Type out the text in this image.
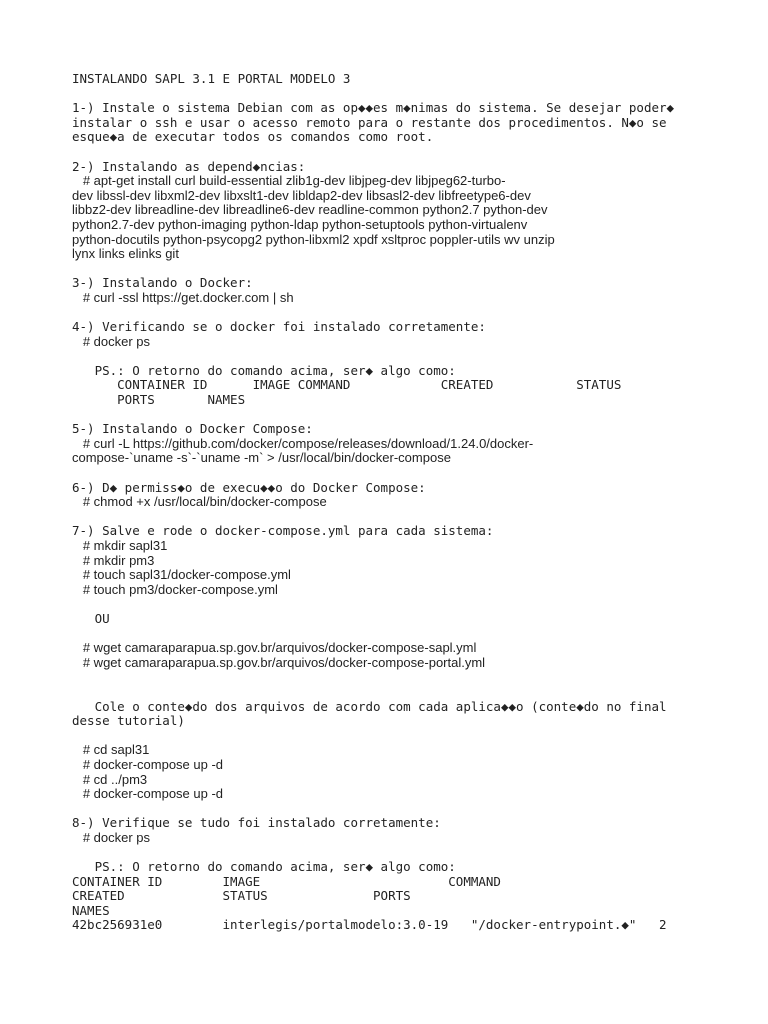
INSTALANDO SAPL 3.1 E PORTAL MODELO 3
1-) Instale o sistema Debian com as op◆◆es m◆nimas do sistema. Se desejar poder◆
instalar o ssh e usar o acesso remoto para o restante dos procedimentos. N◆o se
esque◆a de executar todos os comandos como root.
2-) Instalando as depend◆ncias:
# apt-get install curl build-essential zlib1g-dev libjpeg-dev libjpeg62-turbo-
dev libssl-dev libxml2-dev libxslt1-dev libldap2-dev libsasl2-dev libfreetype6-dev
libbz2-dev libreadline-dev libreadline6-dev readline-common python2.7 python-dev
python2.7-dev python-imaging python-ldap python-setuptools python-virtualenv
python-docutils python-psycopg2 python-libxml2 xpdf xsltproc poppler-utils wv unzip
lynx links elinks git
3-) Instalando o Docker:
# curl -ssl https://get.docker.com | sh
4-) Verificando se o docker foi instalado corretamente:
# docker ps
PS.: O retorno do comando acima, ser◆ algo como:
CONTAINER ID      IMAGE COMMAND            CREATED           STATUS
PORTS       NAMES
5-) Instalando o Docker Compose:
# curl -L https://github.com/docker/compose/releases/download/1.24.0/docker-
compose-`uname -s`-`uname -m` > /usr/local/bin/docker-compose
6-) D◆ permiss◆o de execu◆◆o do Docker Compose:
# chmod +x /usr/local/bin/docker-compose
7-) Salve e rode o docker-compose.yml para cada sistema:
# mkdir sapl31
# mkdir pm3
# touch sapl31/docker-compose.yml
# touch pm3/docker-compose.yml
OU
# wget camaraparapua.sp.gov.br/arquivos/docker-compose-sapl.yml
# wget camaraparapua.sp.gov.br/arquivos/docker-compose-portal.yml
Cole o conte◆do dos arquivos de acordo com cada aplica◆◆o (conte◆do no final
desse tutorial)
# cd sapl31
# docker-compose up -d
# cd ../pm3
# docker-compose up -d
8-) Verifique se tudo foi instalado corretamente:
# docker ps
PS.: O retorno do comando acima, ser◆ algo como:
CONTAINER ID        IMAGE                         COMMAND
CREATED             STATUS              PORTS
NAMES
42bc256931e0        interlegis/portalmodelo:3.0-19   "/docker-entrypoint.◆"   2
